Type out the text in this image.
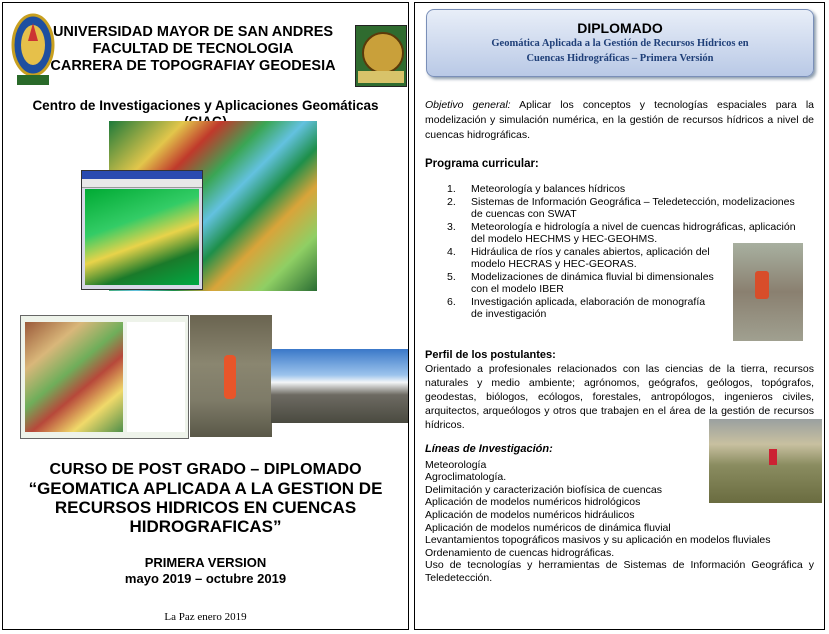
UNIVERSIDAD MAYOR DE SAN ANDRES
FACULTAD DE TECNOLOGIA
CARRERA DE TOPOGRAFIAY GEODESIA
Centro de Investigaciones y Aplicaciones Geomáticas
CURSO DE POST GRADO – DIPLOMADO
“GEOMATICA APLICADA A LA GESTION DE
RECURSOS HIDRICOS EN CUENCAS
HIDROGRAFICAS”
PRIMERA VERSION
mayo 2019 – octubre 2019
La Paz enero 2019
DIPLOMADO
Geomática Aplicada a la Gestión de Recursos Hídricos en
Cuencas Hidrográficas – Primera Versión
Objetivo general: Aplicar los conceptos y tecnologías espaciales para la modelización y simulación numérica, en la gestión de recursos hídricos a nivel de cuencas hidrográficas.
Programa curricular:
1.	Meteorología y balances hídricos
2.	Sistemas de Información Geográfica – Teledetección, modelizaciones de cuencas con SWAT
3.	Meteorología e hidrología a nivel de cuencas hidrográficas, aplicación del modelo HECHMS y HEC-GEOHMS.
4.	Hidráulica de ríos y canales abiertos, aplicación del modelo HECRAS y HEC-GEORAS.
5.	Modelizaciones de dinámica fluvial bi dimensionales con el modelo IBER
6.	Investigación aplicada, elaboración de monografía de investigación
Perfil de los postulantes:
Orientado a profesionales relacionados con las ciencias de la tierra, recursos naturales y medio ambiente; agrónomos, geógrafos, geólogos, topógrafos, geodestas, biólogos, ecólogos, forestales, antropólogos, ingenieros civiles, arquitectos, arqueólogos y otros que trabajen en el área de la gestión de recursos hídricos.
Líneas de Investigación:
Meteorología
Agroclimatología.
Delimitación y caracterización biofísica de cuencas
Aplicación de modelos numéricos hidrológicos
Aplicación de modelos numéricos hidráulicos
Aplicación de modelos numéricos de dinámica fluvial
Levantamientos topográficos masivos y su aplicación en modelos fluviales
Ordenamiento de cuencas hidrográficas.
Uso de tecnologías y herramientas de Sistemas de Información Geográfica y Teledetección.
